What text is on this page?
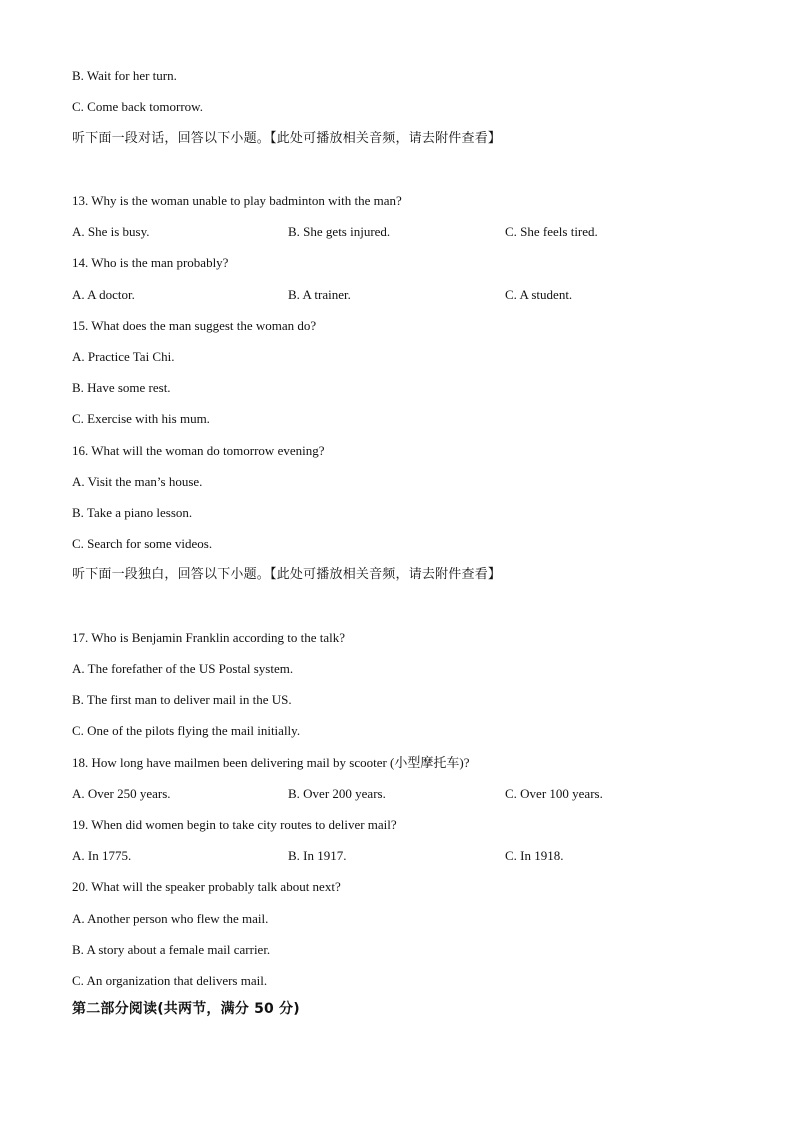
B. Wait for her turn.
C. Come back tomorrow.
听下面一段对话，回答以下小题。【此处可播放相关音频，请去附件查看】
13. Why is the woman unable to play badminton with the man?
A. She is busy.	B. She gets injured.	C. She feels tired.
14. Who is the man probably?
A. A doctor.	B. A trainer.	C. A student.
15. What does the man suggest the woman do?
A. Practice Tai Chi.
B. Have some rest.
C. Exercise with his mum.
16. What will the woman do tomorrow evening?
A. Visit the man’s house.
B. Take a piano lesson.
C. Search for some videos.
听下面一段独白，回答以下小题。【此处可播放相关音频，请去附件查看】
17. Who is Benjamin Franklin according to the talk?
A. The forefather of the US Postal system.
B. The first man to deliver mail in the US.
C. One of the pilots flying the mail initially.
18. How long have mailmen been delivering mail by scooter (小型摩托车)?
A. Over 250 years.	B. Over 200 years.	C. Over 100 years.
19. When did women begin to take city routes to deliver mail?
A. In 1775.	B. In 1917.	C. In 1918.
20. What will the speaker probably talk about next?
A. Another person who flew the mail.
B. A story about a female mail carrier.
C. An organization that delivers mail.
第二部分阅读(共两节，满分 50 分)
